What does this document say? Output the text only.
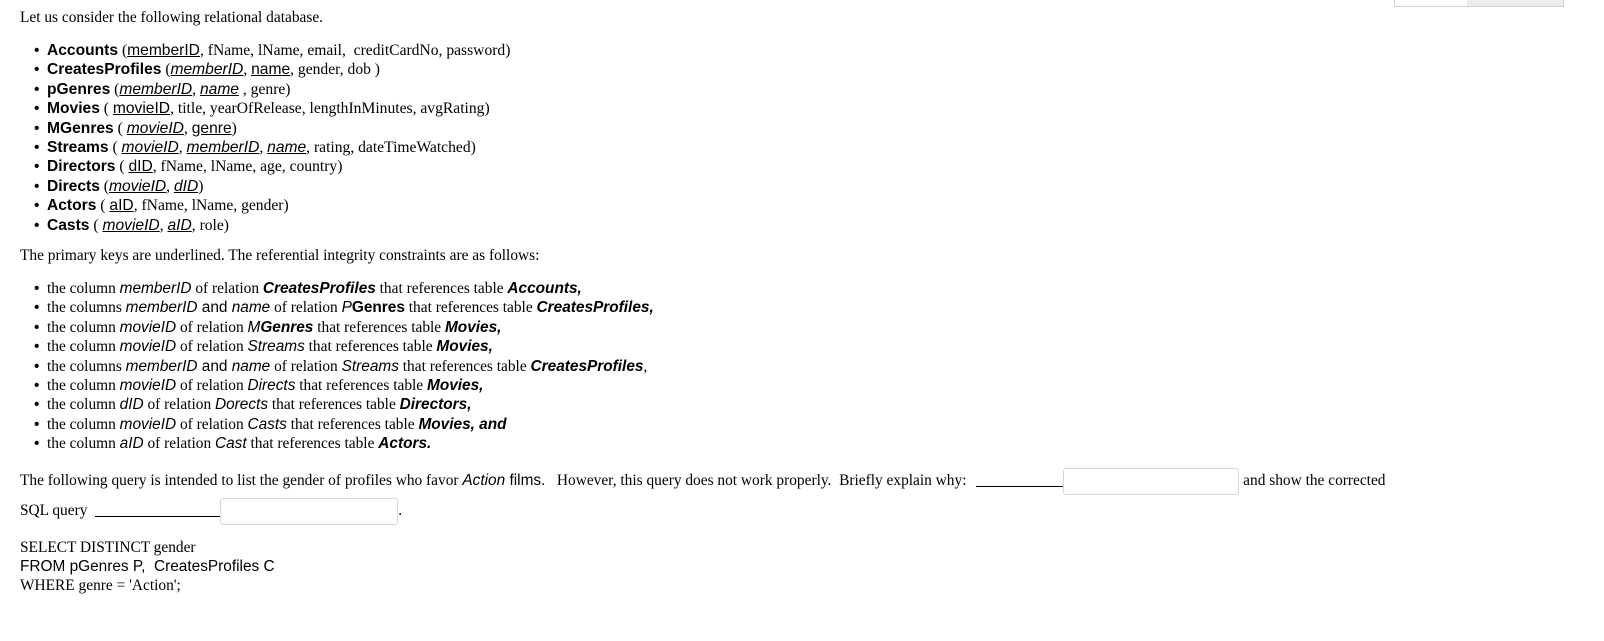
Let us consider the following relational database.
• Accounts (memberID, fName, lName, email,  creditCardNo, password)
• CreatesProfiles (memberID, name, gender, dob )
• pGenres (memberID, name , genre)
• Movies ( movieID, title, yearOfRelease, lengthInMinutes, avgRating)
• MGenres ( movieID, genre)
• Streams ( movieID, memberID, name, rating, dateTimeWatched)
• Directors ( dID, fName, lName, age, country)
• Directs (movieID, dID)
• Actors ( aID, fName, lName, gender)
• Casts ( movieID, aID, role)
The primary keys are underlined. The referential integrity constraints are as follows:
• the column memberID of relation CreatesProfiles that references table Accounts,
• the columns memberID and name of relation PGenres that references table CreatesProfiles,
• the column movieID of relation MGenres that references table Movies,
• the column movieID of relation Streams that references table Movies,
• the columns memberID and name of relation Streams that references table CreatesProfiles,
• the column movieID of relation Directs that references table Movies,
• the column dID of relation Dorects that references table Directors,
• the column movieID of relation Casts that references table Movies, and
• the column aID of relation Cast that references table Actors.
The following query is intended to list the gender of profiles who favor Action films.   However, this query does not work properly.  Briefly explain why:	and show the corrected
SQL query	.
SELECT DISTINCT gender
FROM pGenres P,  CreatesProfiles C
WHERE genre = 'Action';
